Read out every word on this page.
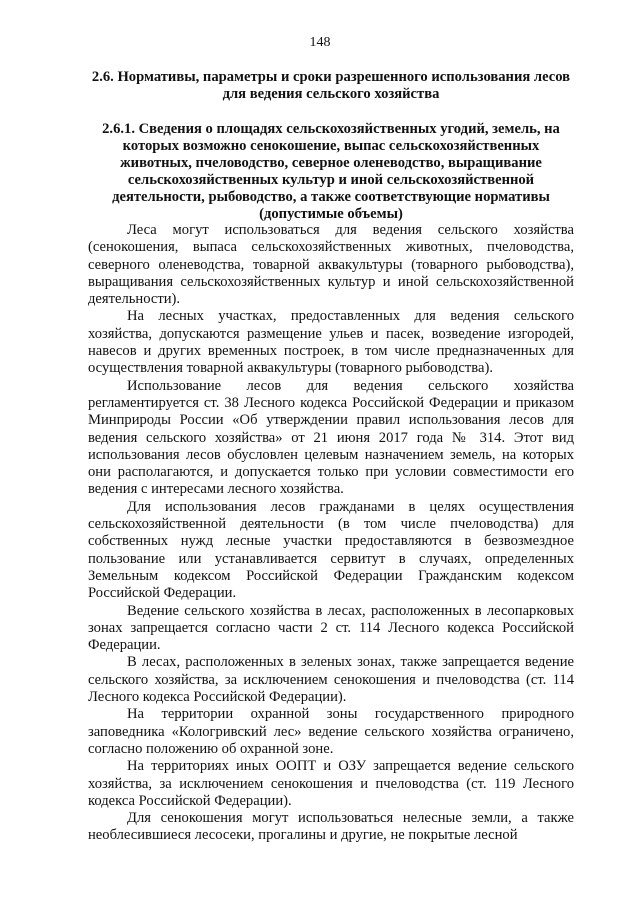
148
2.6. Нормативы, параметры и сроки разрешенного использования лесов для ведения сельского хозяйства
2.6.1. Сведения о площадях сельскохозяйственных угодий, земель, на которых возможно сенокошение, выпас сельскохозяйственных животных, пчеловодство, северное оленеводство, выращивание сельскохозяйственных культур и иной сельскохозяйственной деятельности, рыбоводство, а также соответствующие нормативы (допустимые объемы)

Леса могут использоваться для ведения сельского хозяйства (сенокошения, выпаса сельскохозяйственных животных, пчеловодства, северного оленеводства, товарной аквакультуры (товарного рыбоводства), выращивания сельскохозяйственных культур и иной сельскохозяйственной деятельности).

На лесных участках, предоставленных для ведения сельского хозяйства, допускаются размещение ульев и пасек, возведение изгородей, навесов и других временных построек, в том числе предназначенных для осуществления товарной аквакультуры (товарного рыбоводства).

Использование лесов для ведения сельского хозяйства регламентируется ст. 38 Лесного кодекса Российской Федерации и приказом Минприроды России «Об утверждении правил использования лесов для ведения сельского хозяйства» от 21 июня 2017 года № 314. Этот вид использования лесов обусловлен целевым назначением земель, на которых они располагаются, и допускается только при условии совместимости его ведения с интересами лесного хозяйства.

Для использования лесов гражданами в целях осуществления сельскохозяйственной деятельности (в том числе пчеловодства) для собственных нужд лесные участки предоставляются в безвозмездное пользование или устанавливается сервитут в случаях, определенных Земельным кодексом Российской Федерации Гражданским кодексом Российской Федерации.

Ведение сельского хозяйства в лесах, расположенных в лесопарковых зонах запрещается согласно части 2 ст. 114 Лесного кодекса Российской Федерации.

В лесах, расположенных в зеленых зонах, также запрещается ведение сельского хозяйства, за исключением сенокошения и пчеловодства (ст. 114 Лесного кодекса Российской Федерации).

На территории охранной зоны государственного природного заповедника «Кологривский лес» ведение сельского хозяйства ограничено, согласно положению об охранной зоне.

На территориях иных ООПТ и ОЗУ запрещается ведение сельского хозяйства, за исключением сенокошения и пчеловодства (ст. 119 Лесного кодекса Российской Федерации).

Для сенокошения могут использоваться нелесные земли, а также необлесившиеся лесосеки, прогалины и другие, не покрытые лесной
